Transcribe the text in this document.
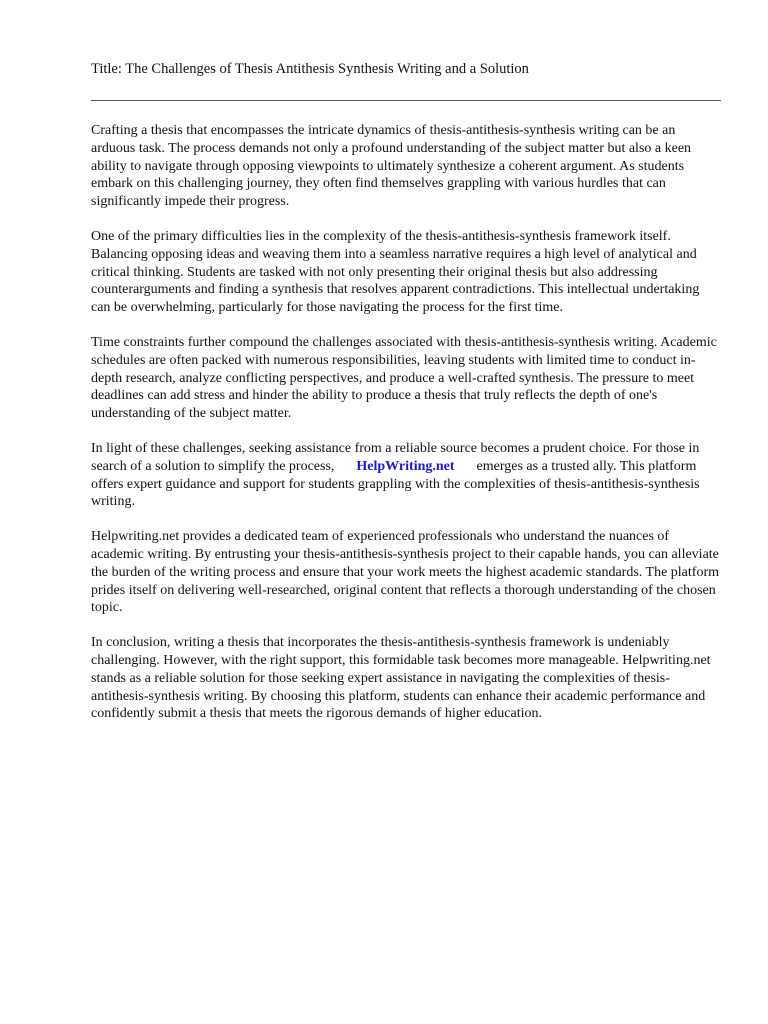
Title: The Challenges of Thesis Antithesis Synthesis Writing and a Solution

Crafting a thesis that encompasses the intricate dynamics of thesis-antithesis-synthesis writing can be an arduous task. The process demands not only a profound understanding of the subject matter but also a keen ability to navigate through opposing viewpoints to ultimately synthesize a coherent argument. As students embark on this challenging journey, they often find themselves grappling with various hurdles that can significantly impede their progress.

One of the primary difficulties lies in the complexity of the thesis-antithesis-synthesis framework itself. Balancing opposing ideas and weaving them into a seamless narrative requires a high level of analytical and critical thinking. Students are tasked with not only presenting their original thesis but also addressing counterarguments and finding a synthesis that resolves apparent contradictions. This intellectual undertaking can be overwhelming, particularly for those navigating the process for the first time.

Time constraints further compound the challenges associated with thesis-antithesis-synthesis writing. Academic schedules are often packed with numerous responsibilities, leaving students with limited time to conduct in-depth research, analyze conflicting perspectives, and produce a well-crafted synthesis. The pressure to meet deadlines can add stress and hinder the ability to produce a thesis that truly reflects the depth of one's understanding of the subject matter.

In light of these challenges, seeking assistance from a reliable source becomes a prudent choice. For those in search of a solution to simplify the process, HelpWriting.net emerges as a trusted ally. This platform offers expert guidance and support for students grappling with the complexities of thesis-antithesis-synthesis writing.

Helpwriting.net provides a dedicated team of experienced professionals who understand the nuances of academic writing. By entrusting your thesis-antithesis-synthesis project to their capable hands, you can alleviate the burden of the writing process and ensure that your work meets the highest academic standards. The platform prides itself on delivering well-researched, original content that reflects a thorough understanding of the chosen topic.

In conclusion, writing a thesis that incorporates the thesis-antithesis-synthesis framework is undeniably challenging. However, with the right support, this formidable task becomes more manageable. Helpwriting.net stands as a reliable solution for those seeking expert assistance in navigating the complexities of thesis-antithesis-synthesis writing. By choosing this platform, students can enhance their academic performance and confidently submit a thesis that meets the rigorous demands of higher education.
